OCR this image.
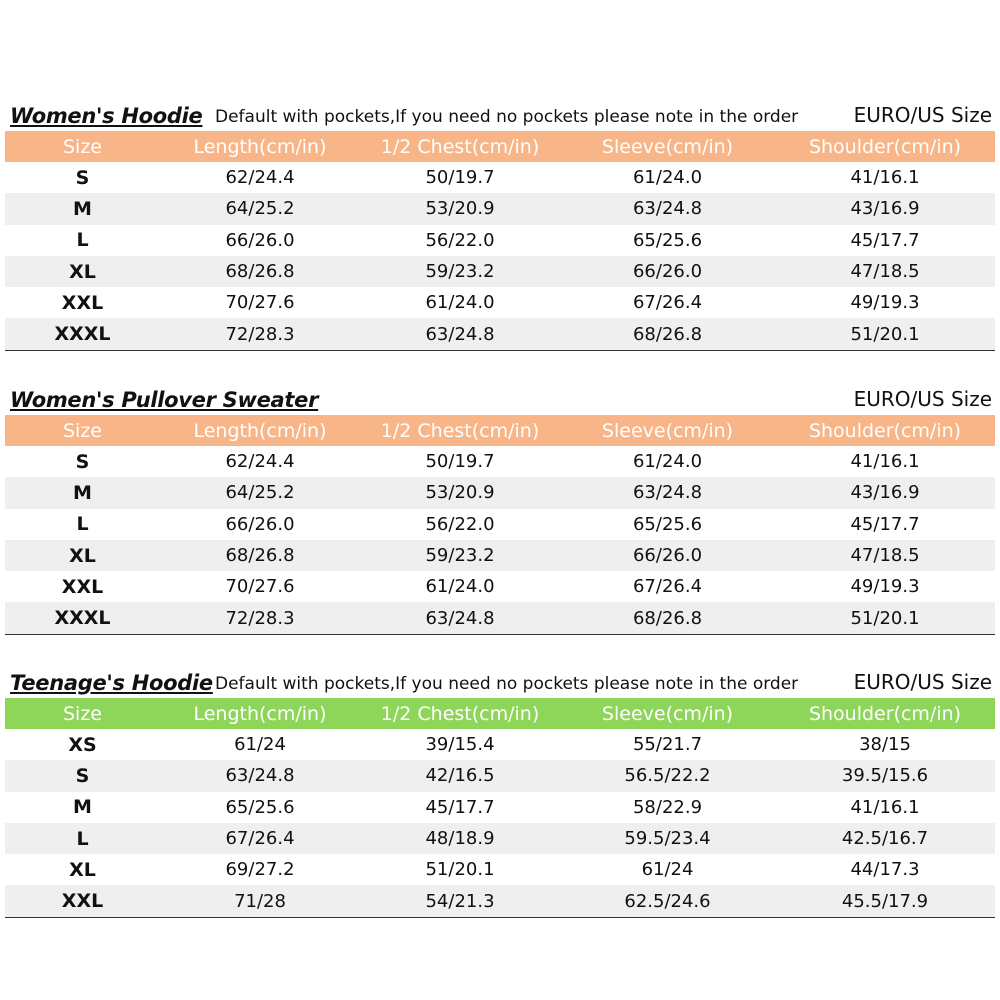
Women's Hoodie Default with pockets,If you need no pockets please note in the order	EURO/US Size
Size	Length(cm/in)	1/2 Chest(cm/in)	Sleeve(cm/in)	Shoulder(cm/in)
S	62/24.4	50/19.7	61/24.0	41/16.1
M	64/25.2	53/20.9	63/24.8	43/16.9
L	66/26.0	56/22.0	65/25.6	45/17.7
XL	68/26.8	59/23.2	66/26.0	47/18.5
XXL	70/27.6	61/24.0	67/26.4	49/19.3
XXXL	72/28.3	63/24.8	68/26.8	51/20.1
Women's Pullover Sweater	EURO/US Size
Size	Length(cm/in)	1/2 Chest(cm/in)	Sleeve(cm/in)	Shoulder(cm/in)
S	62/24.4	50/19.7	61/24.0	41/16.1
M	64/25.2	53/20.9	63/24.8	43/16.9
L	66/26.0	56/22.0	65/25.6	45/17.7
XL	68/26.8	59/23.2	66/26.0	47/18.5
XXL	70/27.6	61/24.0	67/26.4	49/19.3
XXXL	72/28.3	63/24.8	68/26.8	51/20.1
Teenage's Hoodie Default with pockets,If you need no pockets please note in the order	EURO/US Size
Size	Length(cm/in)	1/2 Chest(cm/in)	Sleeve(cm/in)	Shoulder(cm/in)
XS	61/24	39/15.4	55/21.7	38/15
S	63/24.8	42/16.5	56.5/22.2	39.5/15.6
M	65/25.6	45/17.7	58/22.9	41/16.1
L	67/26.4	48/18.9	59.5/23.4	42.5/16.7
XL	69/27.2	51/20.1	61/24	44/17.3
XXL	71/28	54/21.3	62.5/24.6	45.5/17.9
